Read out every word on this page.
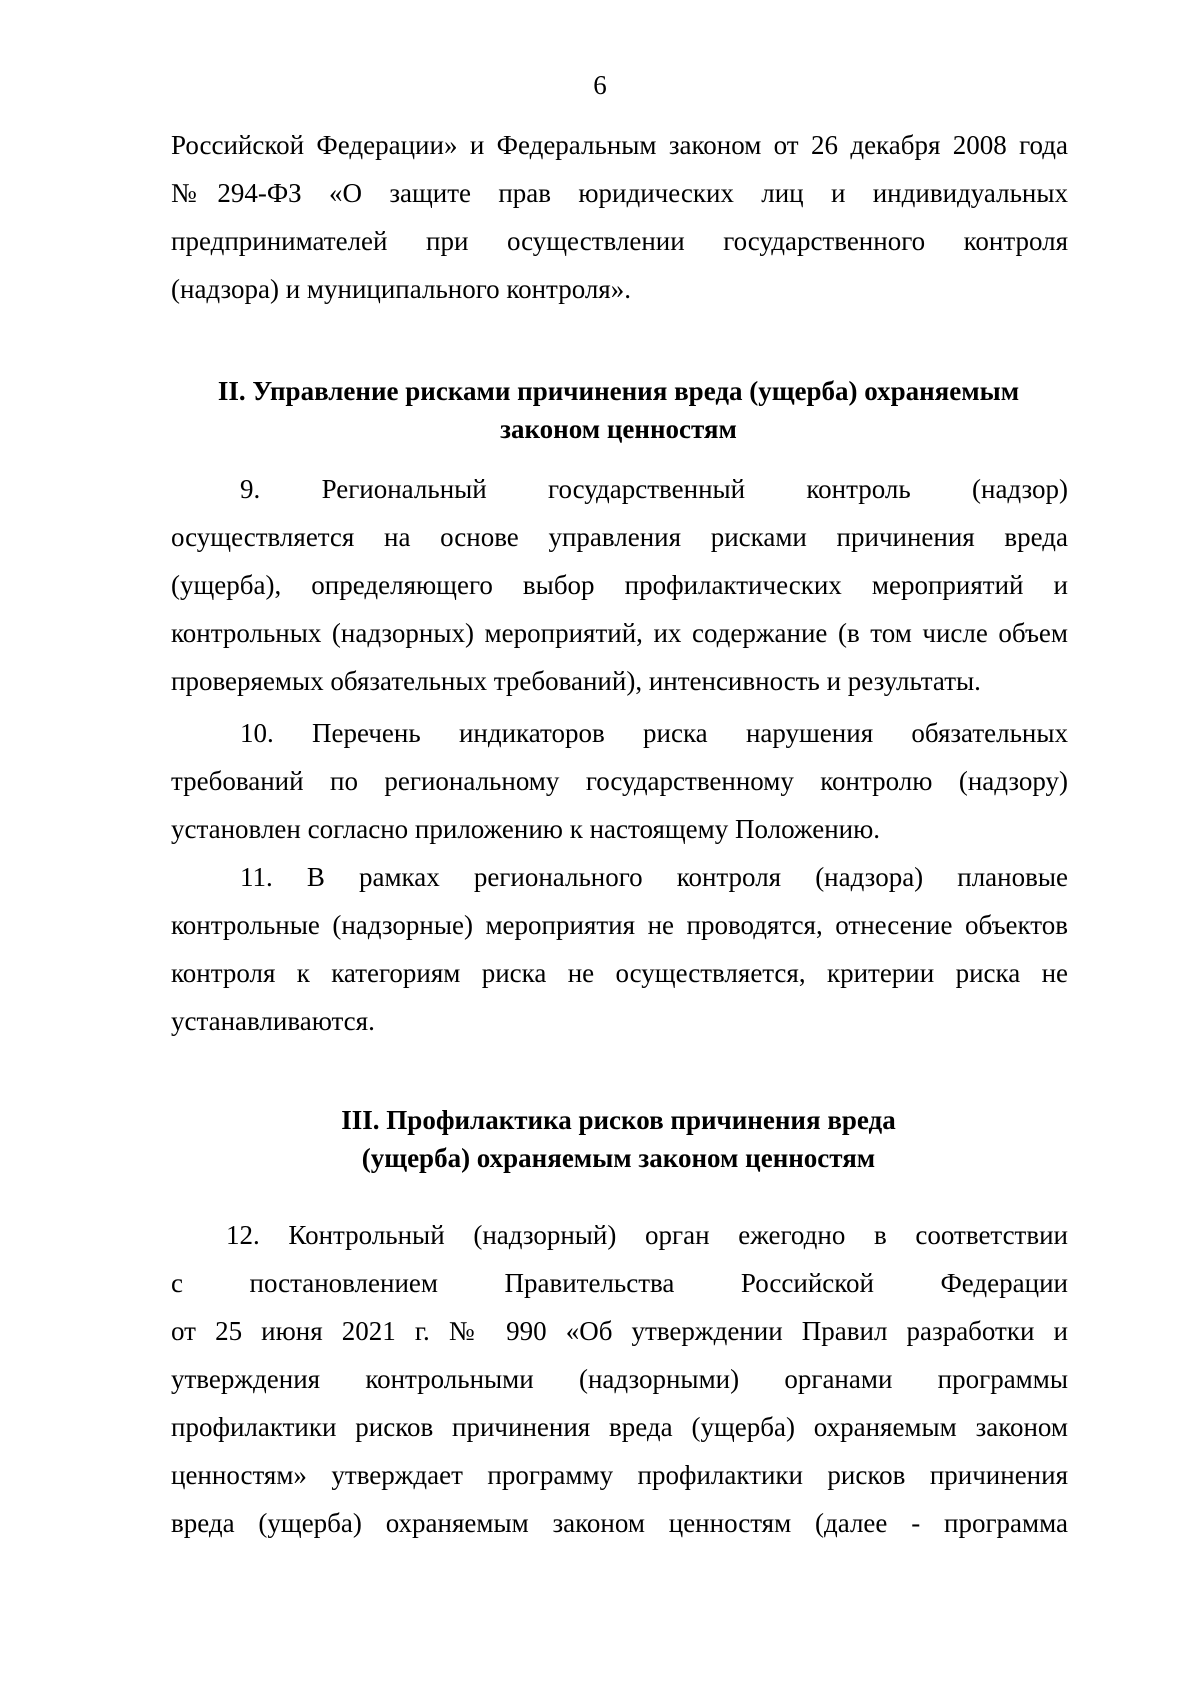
6
Российской Федерации» и Федеральным законом от 26 декабря 2008 года
№294-ФЗ «О защите прав юридических лиц и индивидуальных
предпринимателей при осуществлении государственного контроля
(надзора) и муниципального контроля».
II. Управление рисками причинения вреда (ущерба) охраняемым
законом ценностям
9. Региональный государственный контроль (надзор)
осуществляется на основе управления рисками причинения вреда
(ущерба), определяющего выбор профилактических мероприятий и
контрольных (надзорных) мероприятий, их содержание (в том числе объем
проверяемых обязательных требований), интенсивность и результаты.
10. Перечень индикаторов риска нарушения обязательных
требований по региональному государственному контролю (надзору)
установлен согласно приложению к настоящему Положению.
11. В рамках регионального контроля (надзора) плановые
контрольные (надзорные) мероприятия не проводятся, отнесение объектов
контроля к категориям риска не осуществляется, критерии риска не
устанавливаются.
III. Профилактика рисков причинения вреда
(ущерба) охраняемым законом ценностям
12. Контрольный (надзорный) орган ежегодно в соответствии
с постановлением Правительства Российской Федерации
от 25 июня 2021 г. № 990 «Об утверждении Правил разработки и
утверждения контрольными (надзорными) органами программы
профилактики рисков причинения вреда (ущерба) охраняемым законом
ценностям» утверждает программу профилактики рисков причинения
вреда (ущерба) охраняемым законом ценностям (далее - программа
